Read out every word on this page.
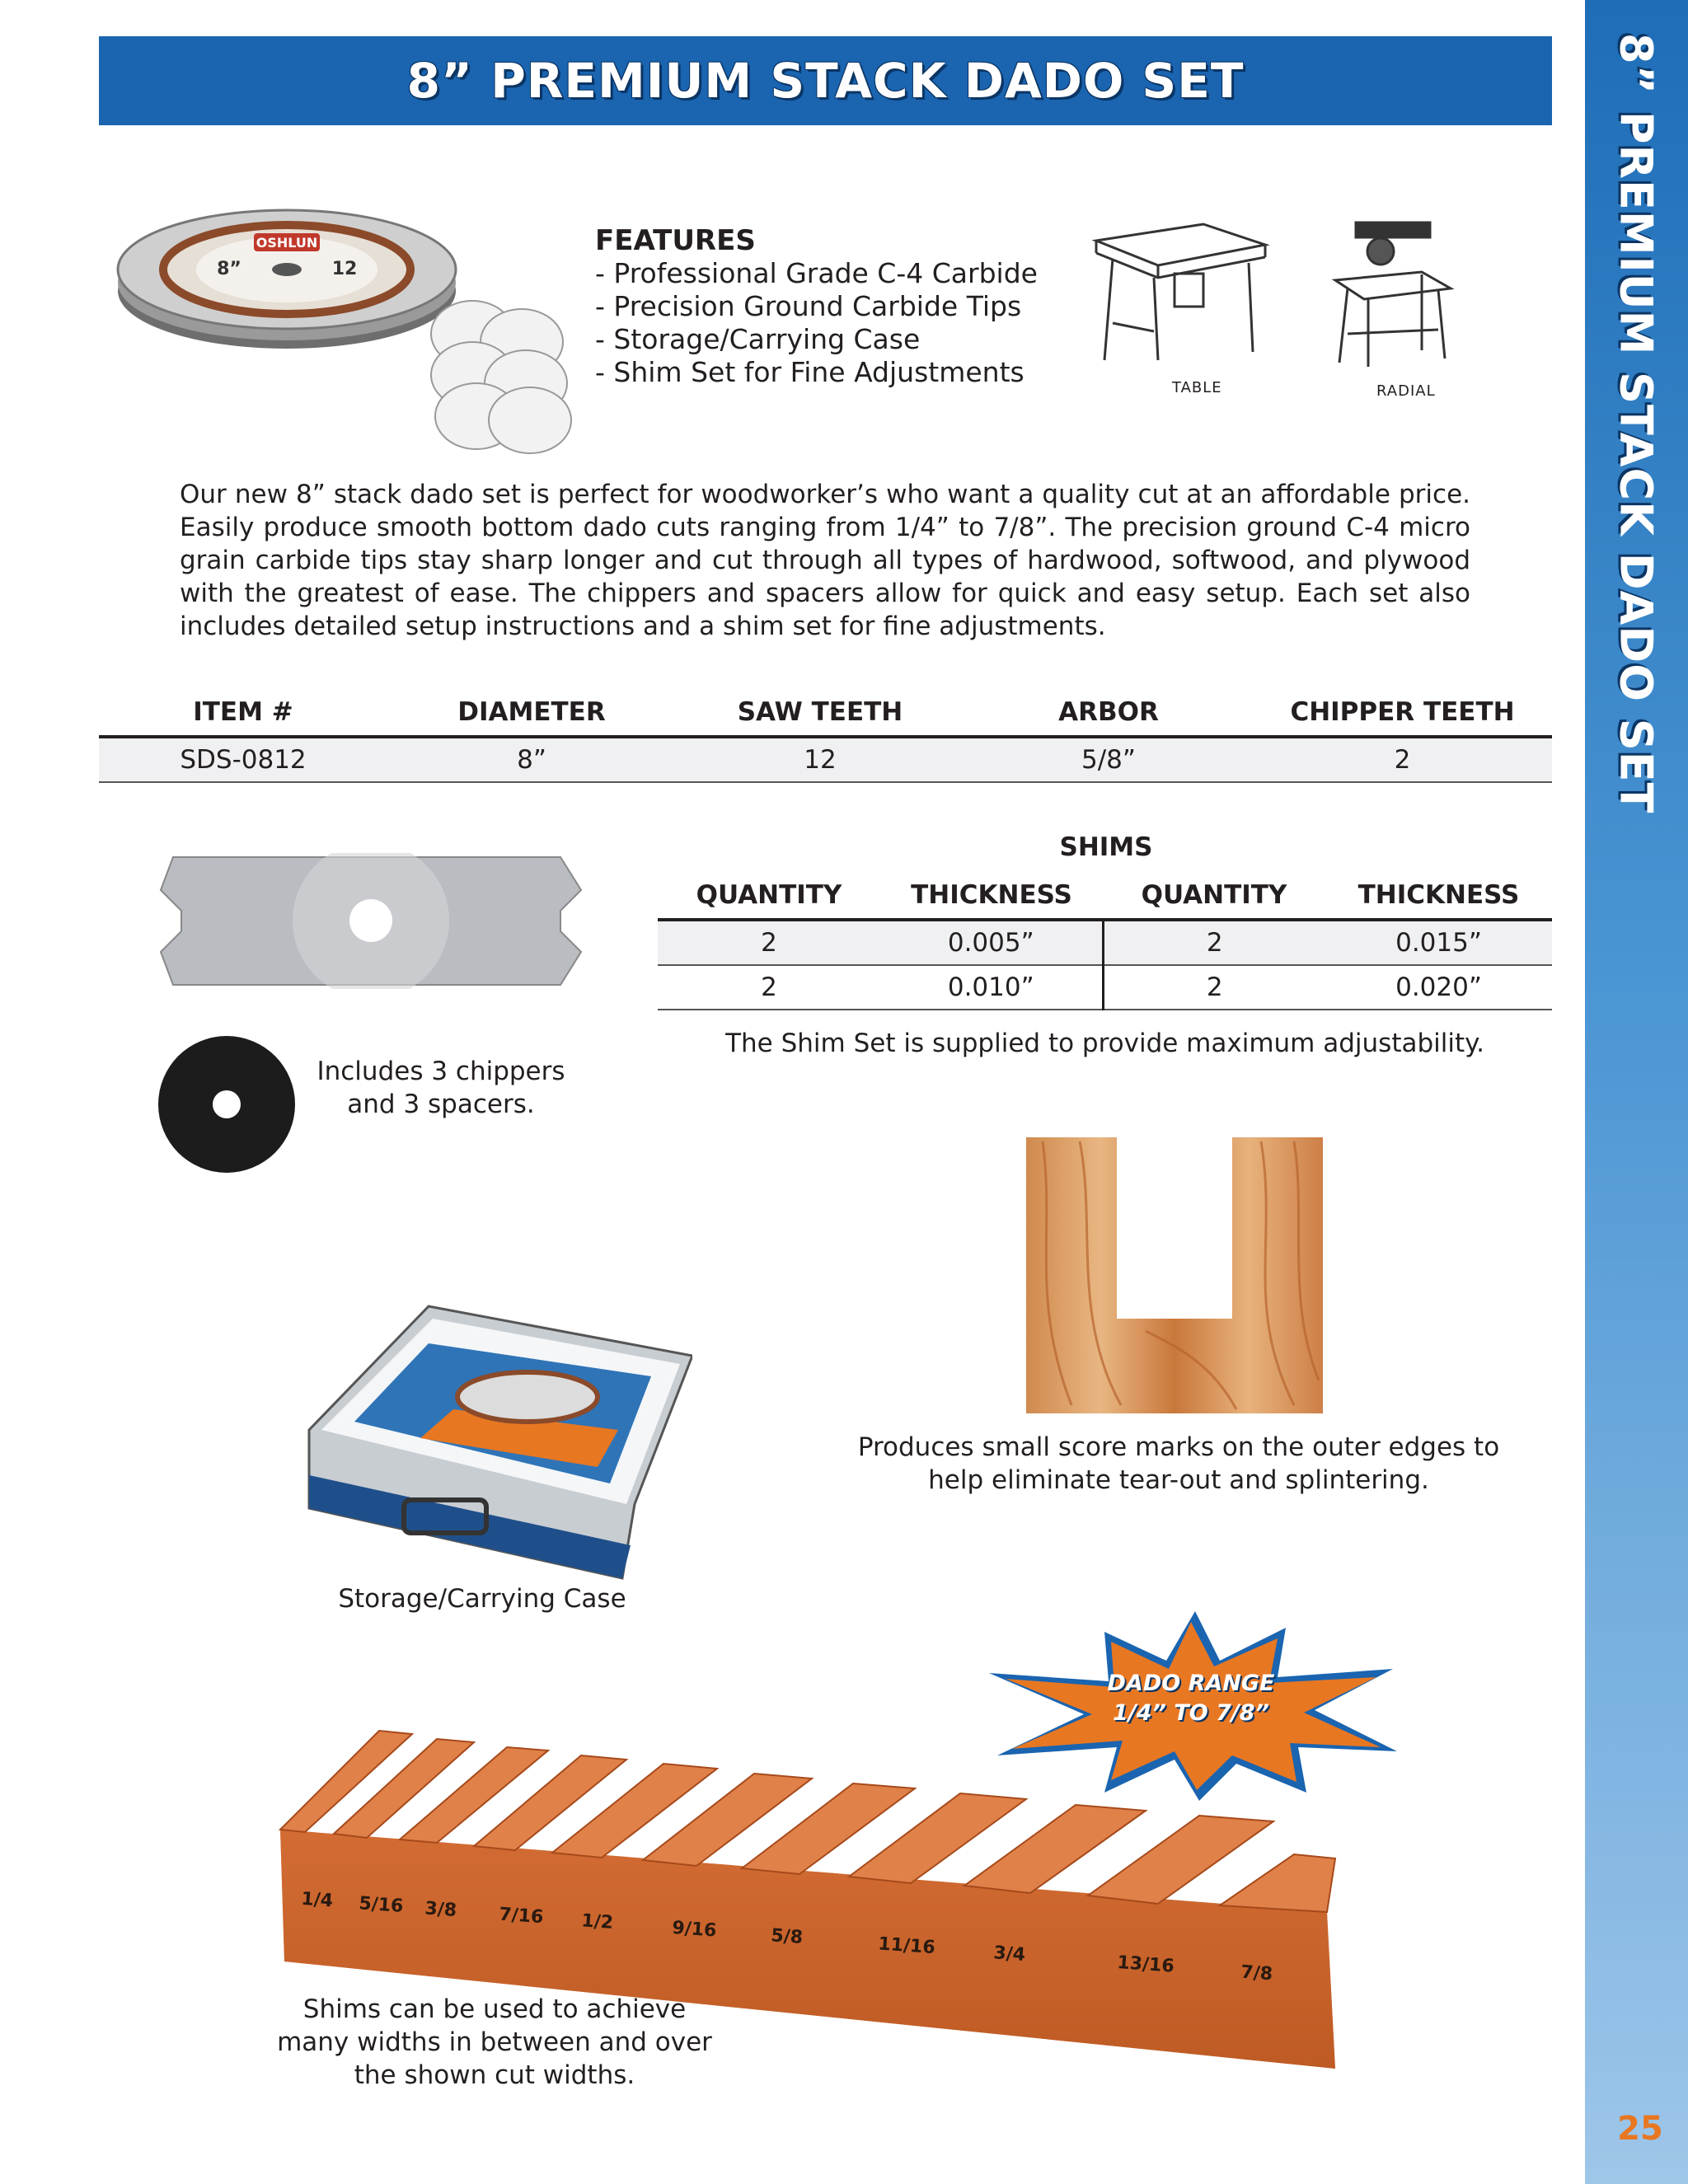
8” PREMIUM STACK DADO SET	8” PREMIUM STACK DADO SET
25
OSHLUN
8”	12
FEATURES
- Professional Grade C-4 Carbide
- Precision Ground Carbide Tips
- Storage/Carrying Case
- Shim Set for Fine Adjustments	TABLE	RADIAL
Our new 8” stack dado set is perfect for woodworker’s who want a quality cut at an affordable price. Easily produce smooth bottom dado cuts ranging from 1/4” to 7/8”. The precision ground C-4 micro grain carbide tips stay sharp longer and cut through all types of hardwood, softwood, and plywood with the greatest of ease. The chippers and spacers allow for quick and easy setup. Each set also includes detailed setup instructions and a shim set for fine adjustments.
ITEM #	DIAMETER	SAW TEETH	ARBOR	CHIPPER TEETH
SDS-0812	8”	12	5/8”	2
Includes 3 chippers
and 3 spacers.
SHIMS
QUANTITY	THICKNESS	QUANTITY	THICKNESS
2	0.005”	2	0.015”
2	0.010”	2	0.020”
The Shim Set is supplied to provide maximum adjustability.
Produces small score marks on the outer edges to
help eliminate tear-out and splintering.
Storage/Carrying Case
DADO RANGE
1/4” TO 7/8”
1/4 5/16 3/8 7/16 1/2	9/16	5/8	11/16	3/4	13/16	7/8
Shims can be used to achieve
many widths in between and over
the shown cut widths.
